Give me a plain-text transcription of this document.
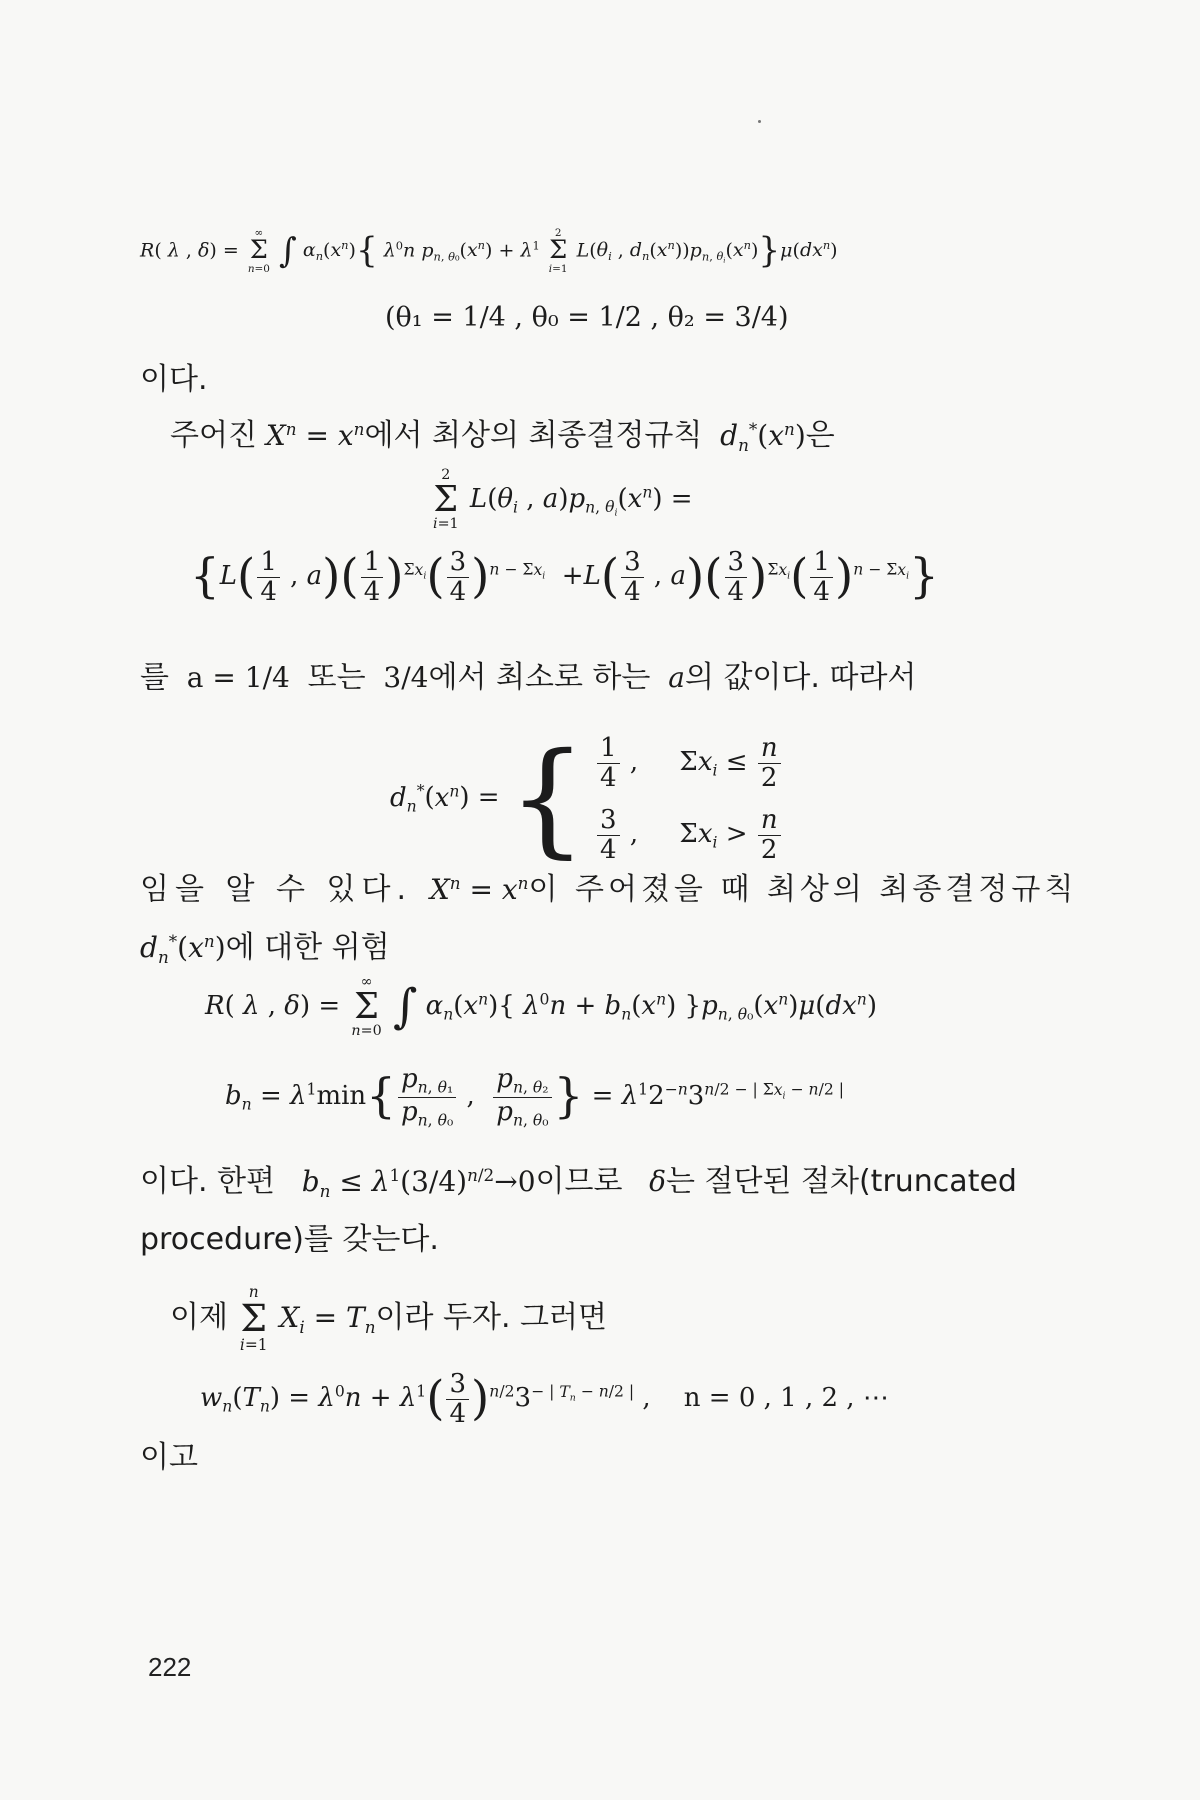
R( λ , δ) =
∞
Σ
n=0 ∫ $\alpha_n(x^n)${ $\lambda^0n$ $p_{n, \theta_0}(x^n) + \lambda^1$
2
Σ
i=1
$L(\theta_i$ , $d_n(x^n))p_{n, \theta_i}(x^n)\}\mu(dx^n)$
(θ₁ = 1/4 , θ₀ = 1/2 , θ₂ = 3/4)
이다.
주어진 $X^n = x^n$에서 최상의 최종결정규칙 $d_n^*(x^n)$은
2
Σ
i=1
$L(\theta_i$ , $a)p_{n, \theta_i}(x^n)$ =
{$L( \frac{1}{4}$ , $a)( \frac{1}{4} )^{\Sigma x_i}( \frac{3}{4} )^{n - \Sigma x_i} +L( \frac{3}{4}$ , $a)( \frac{3}{4} )^{\Sigma x_i}( \frac{1}{4} )^{n - \Sigma x_i}$}
를 a = 1/4 또는 3/4에서 최소로 하는 a의 값이다. 따라서
$d_n^*(x^n)$ = { $\frac{1}{4}$ ,     $\Sigma x_i \le \frac{n}{2}$
$\frac{3}{4}$ ,     $\Sigma x_i > \frac{n}{2}$
임을 알 수 있다. $X^n = x^n$이 주어졌을 때 최상의 최종결정규칙
$d_n^*(x^n)$에 대한 위험
R( λ , δ) =
∞
Σ
n=0 ∫ $\alpha_n(x^n)${ $\lambda^0n + b_n(x^n)$ }$p_{n, \theta_0}(x^n)\mu(dx^n)$
$b_n = \lambda^1\min\{ \frac{p_{n, \theta_1}}{p_{n, \theta_0}}$ , $\frac{p_{n, \theta_2}}{p_{n, \theta_0}}$ } = $\lambda^12^{-n}3^{n/2 - | \Sigma x_i - n/2 |}$
이다. 한편 $b_n \le \lambda^1(3/4)^{n/2}\to 0$이므로 δ는 절단된 절차(truncated
procedure)를 갖는다.
이제
n
Σ
i=1
$X_i = T_n$이라 두자. 그러면
$w_n(T_n) = \lambda^0n + \lambda^1( \frac{3}{4} )^{n/2}3^{- | T_n - n/2 |}$ ,    n = 0 , 1 , 2 , ⋯
이고
222
